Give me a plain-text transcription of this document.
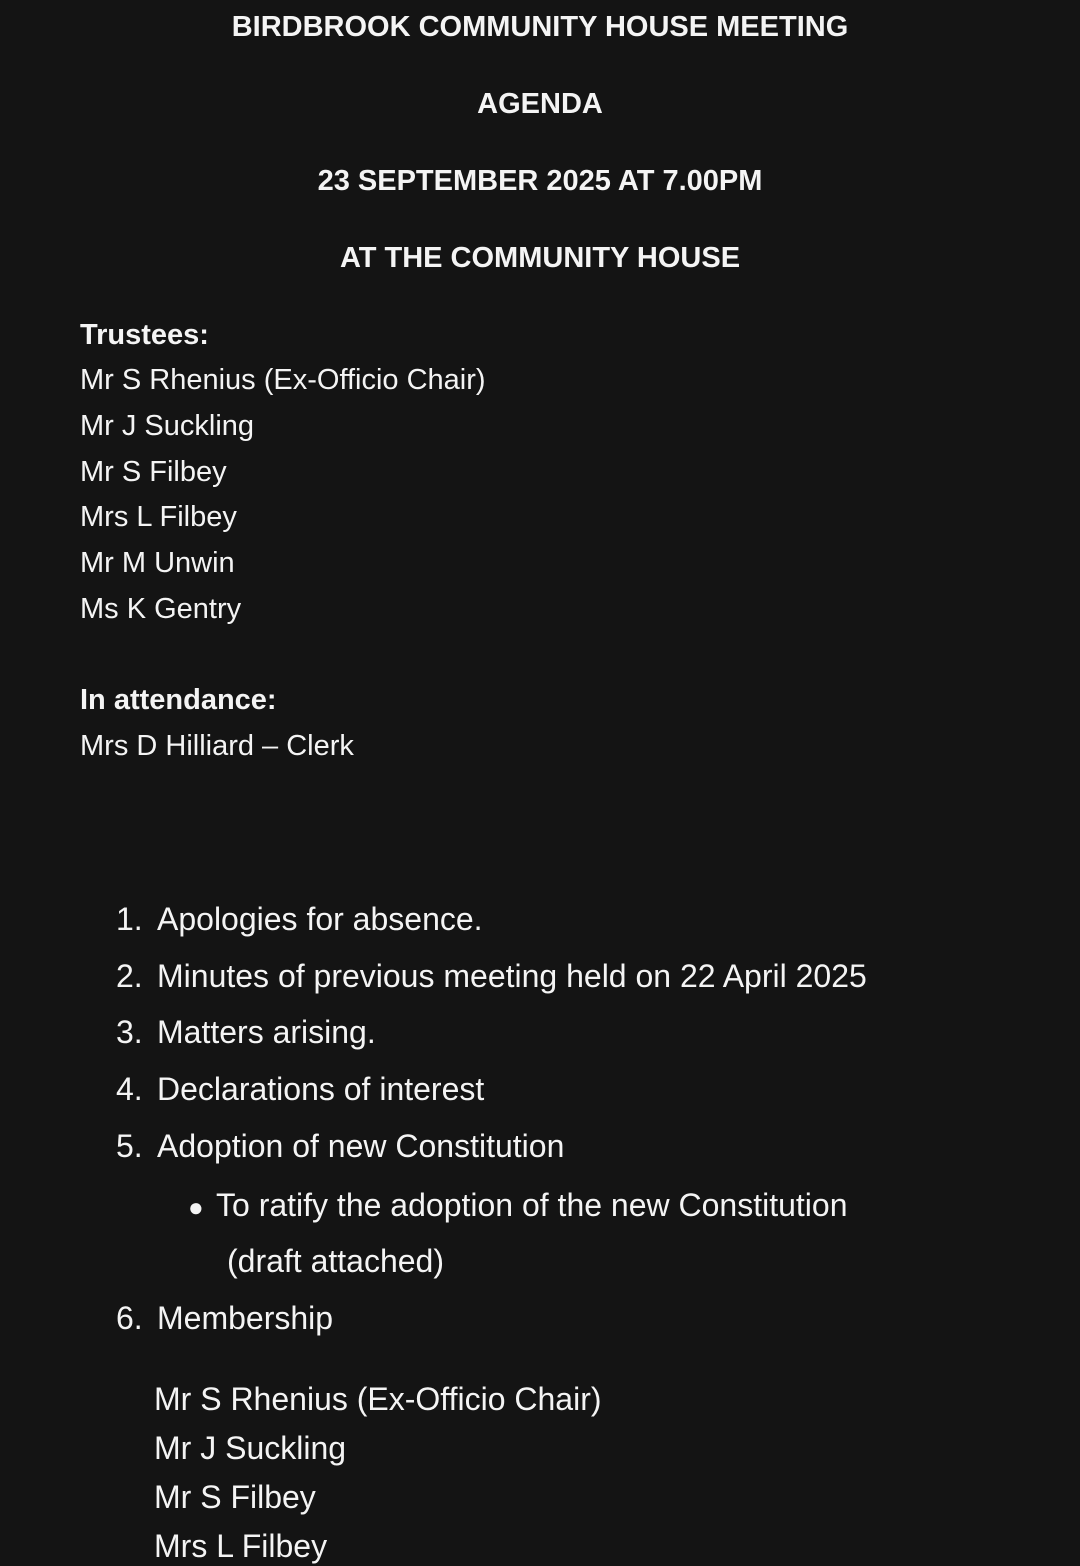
BIRDBROOK COMMUNITY HOUSE MEETING
AGENDA
23 SEPTEMBER 2025 AT 7.00PM
AT THE COMMUNITY HOUSE
Trustees:
Mr S Rhenius (Ex-Officio Chair)
Mr J Suckling
Mr S Filbey
Mrs L Filbey
Mr M Unwin
Ms K Gentry
In attendance:
Mrs D Hilliard – Clerk
1. Apologies for absence.
2. Minutes of previous meeting held on 22 April 2025
3. Matters arising.
4. Declarations of interest
5. Adoption of new Constitution
● To ratify the adoption of the new Constitution
(draft attached)
6. Membership
Mr S Rhenius (Ex-Officio Chair)
Mr J Suckling
Mr S Filbey
Mrs L Filbey
